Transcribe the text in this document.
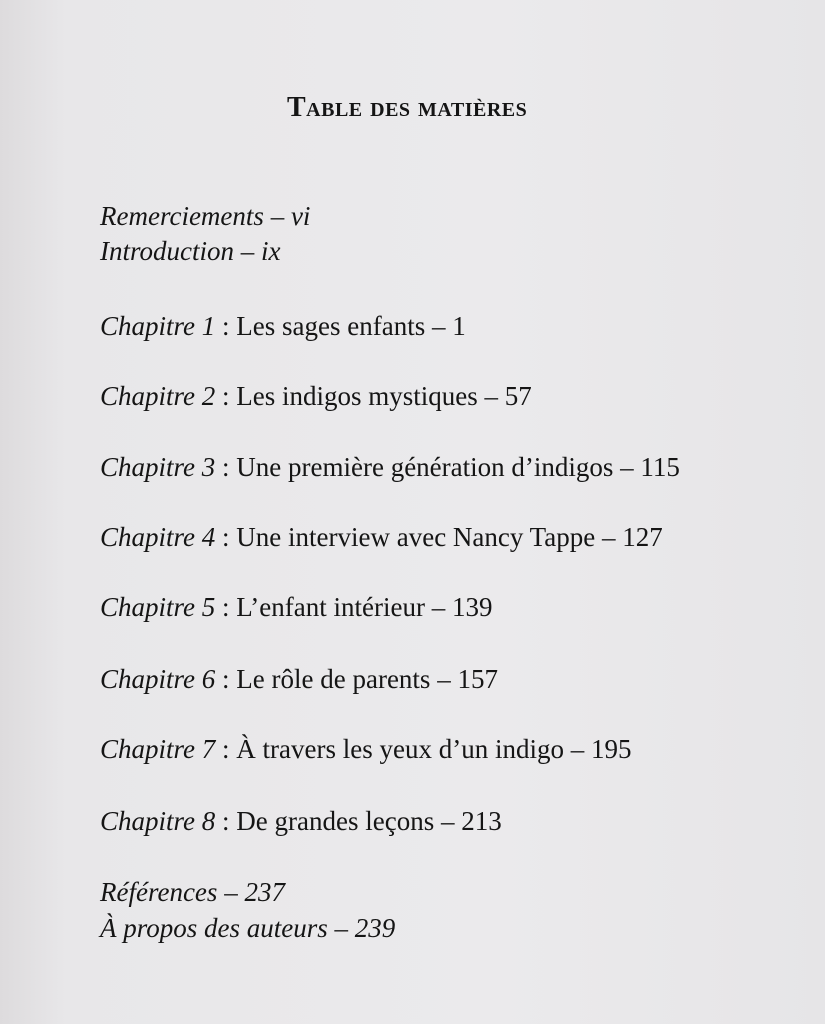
Table des matières
Remerciements – vi
Introduction – ix
Chapitre 1 : Les sages enfants – 1
Chapitre 2 : Les indigos mystiques – 57
Chapitre 3 : Une première génération d’indigos – 115
Chapitre 4 : Une interview avec Nancy Tappe – 127
Chapitre 5 : L’enfant intérieur – 139
Chapitre 6 : Le rôle de parents – 157
Chapitre 7 : À travers les yeux d’un indigo – 195
Chapitre 8 : De grandes leçons – 213
Références – 237
À propos des auteurs – 239
